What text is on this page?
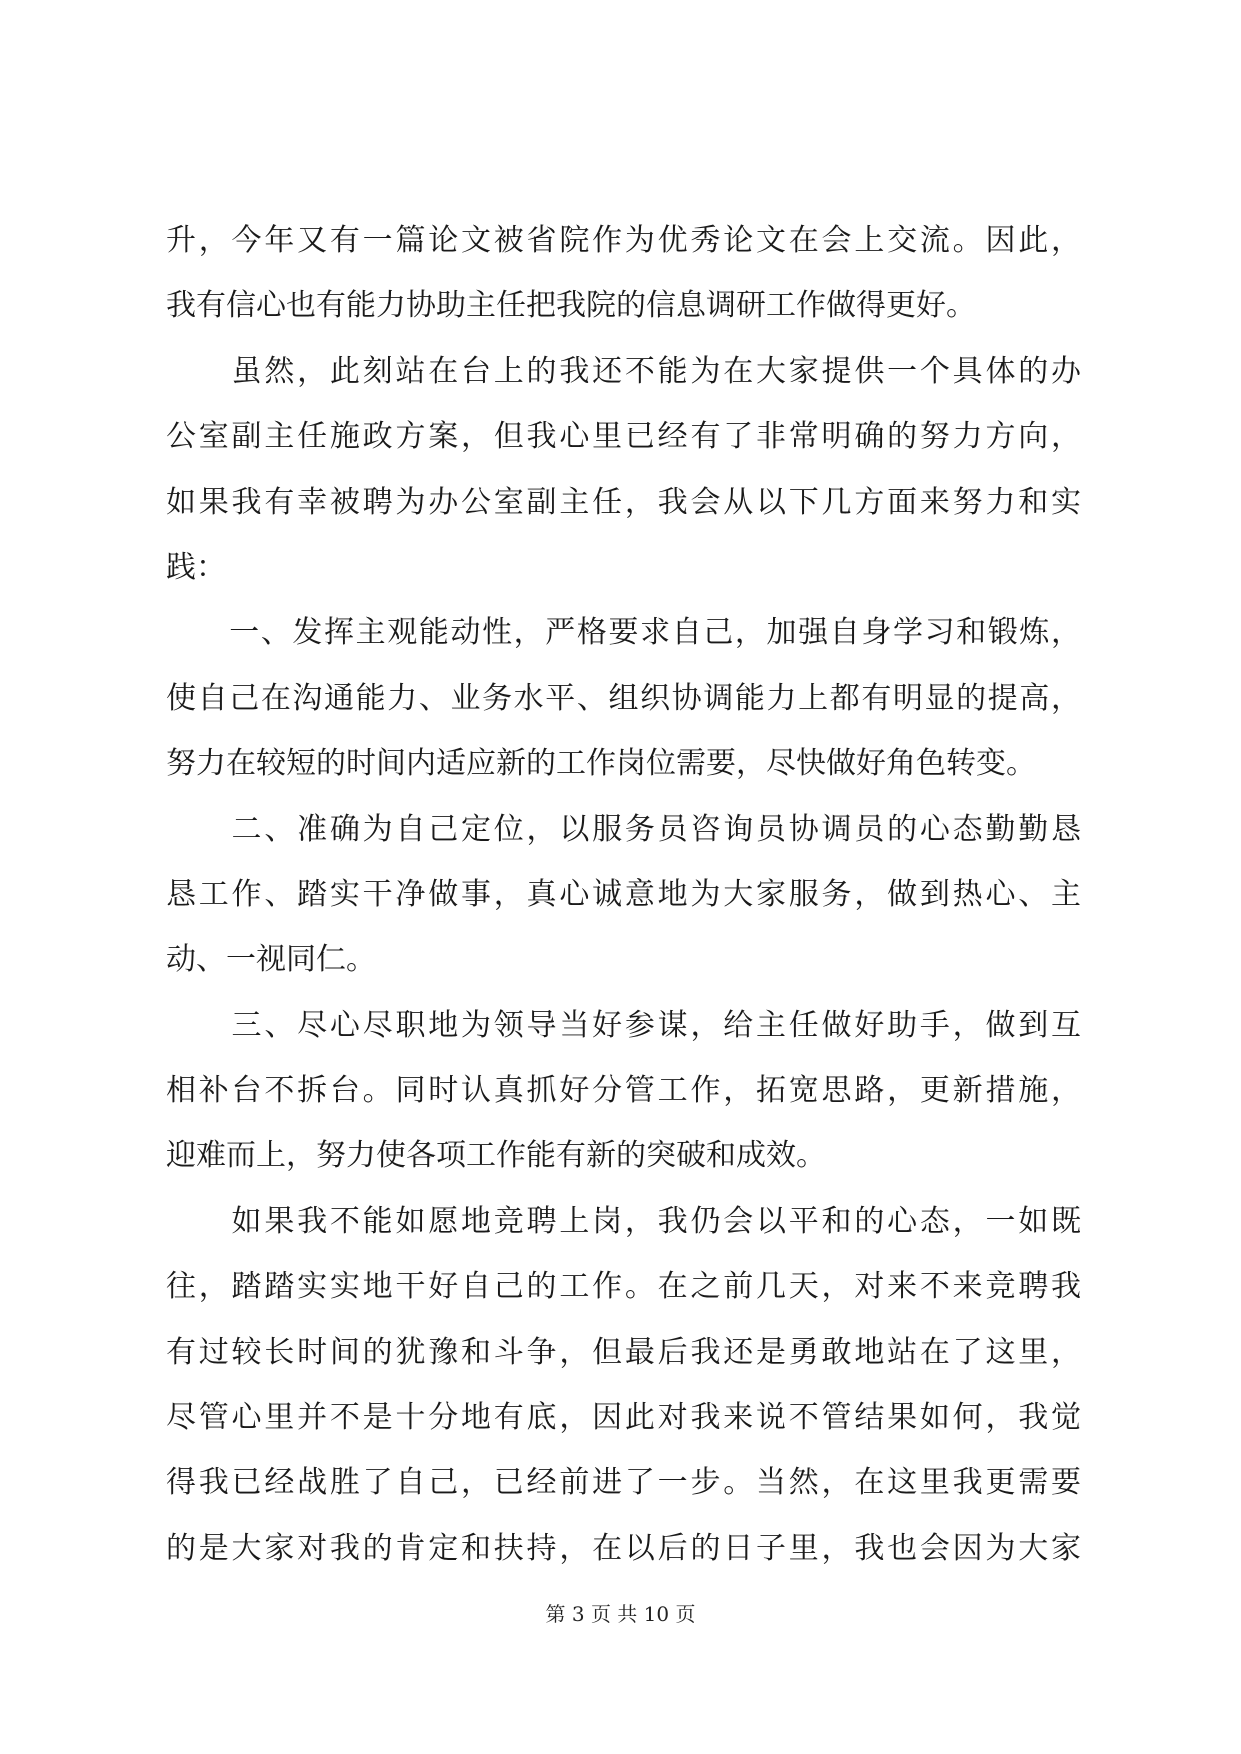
升，今年又有一篇论文被省院作为优秀论文在会上交流。因此，
我有信心也有能力协助主任把我院的信息调研工作做得更好。
　　虽然，此刻站在台上的我还不能为在大家提供一个具体的办
公室副主任施政方案，但我心里已经有了非常明确的努力方向，
如果我有幸被聘为办公室副主任，我会从以下几方面来努力和实
践：
　　一、发挥主观能动性，严格要求自己，加强自身学习和锻炼，
使自己在沟通能力、业务水平、组织协调能力上都有明显的提高，
努力在较短的时间内适应新的工作岗位需要，尽快做好角色转变。
　　二、准确为自己定位，以服务员咨询员协调员的心态勤勤恳
恳工作、踏实干净做事，真心诚意地为大家服务，做到热心、主
动、一视同仁。
　　三、尽心尽职地为领导当好参谋，给主任做好助手，做到互
相补台不拆台。同时认真抓好分管工作，拓宽思路，更新措施，
迎难而上，努力使各项工作能有新的突破和成效。
　　如果我不能如愿地竞聘上岗，我仍会以平和的心态，一如既
往，踏踏实实地干好自己的工作。在之前几天，对来不来竞聘我
有过较长时间的犹豫和斗争，但最后我还是勇敢地站在了这里，
尽管心里并不是十分地有底，因此对我来说不管结果如何，我觉
得我已经战胜了自己，已经前进了一步。当然，在这里我更需要
的是大家对我的肯定和扶持，在以后的日子里，我也会因为大家
第 3 页 共 10 页
